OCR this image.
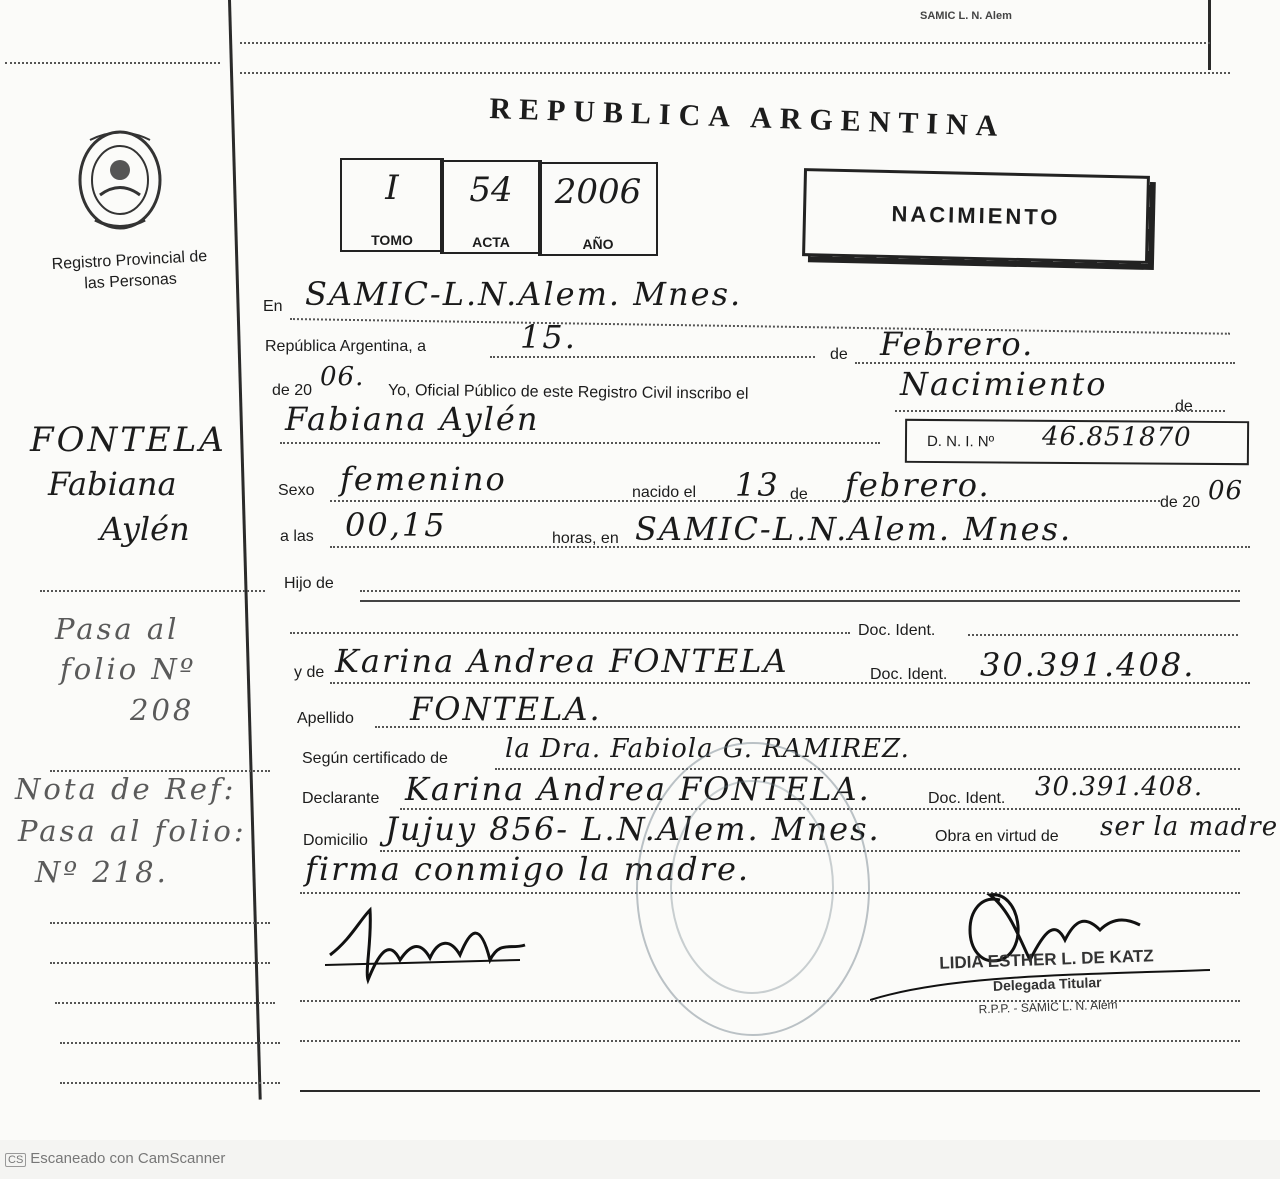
SAMIC L. N. Alem
REPUBLICA ARGENTINA
Registro Provincial de las Personas
I
TOMO
54
ACTA
2006
AÑO
NACIMIENTO
En SAMIC-L.N.Alem. Mnes.
República Argentina, a	15.	de Febrero.
de 20 06.
Yo, Oficial Público de este Registro Civil inscribo el	Nacimiento
de
Fabiana Aylén
D. N. I. Nº 46.851870
Sexo femenino	nacido el 13 de febrero.	de 20 06
a las 00,15	horas, en SAMIC-L.N.Alem. Mnes.
Hijo de
Doc. Ident.
y de Karina Andrea FONTELA	Doc. Ident. 30.391.408.
Apellido FONTELA.
Según certificado de la Dra. Fabiola G. RAMIREZ.
Declarante Karina Andrea FONTELA.	Doc. Ident. 30.391.408.
Domicilio Jujuy 856- L.N.Alem. Mnes.	Obra en virtud de ser la madre
firma conmigo la madre.
LIDIA ESTHER L. DE KATZ
Delegada Titular
R.P.P. - SAMIC L. N. Alem
FONTELA
Fabiana
Aylén
Pasa al
folio Nº
208
Nota de Ref:
Pasa al folio:
Nº 218.
CS Escaneado con CamScanner
